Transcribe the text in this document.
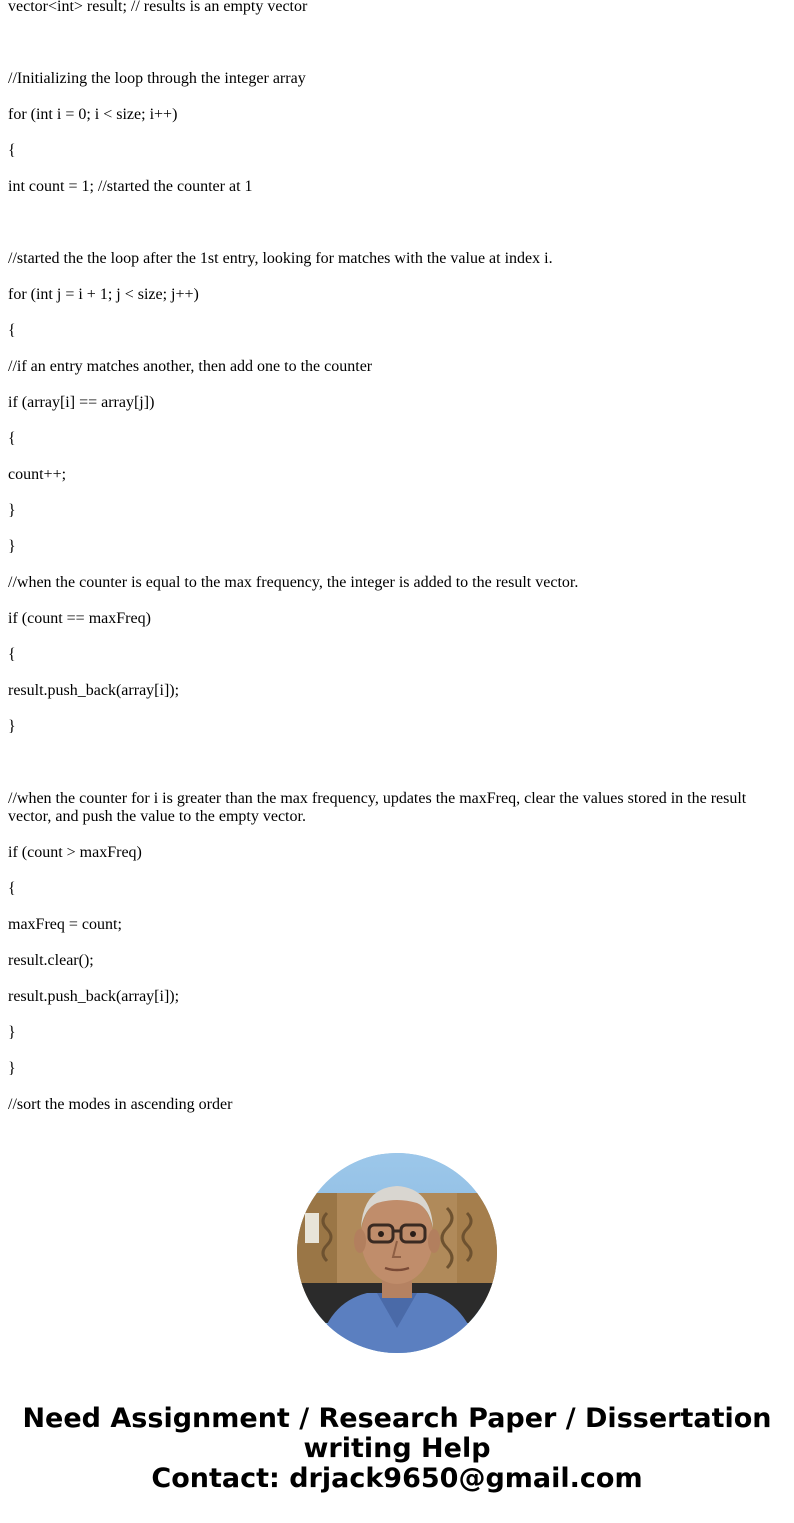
vector<int> result; // results is an empty vector

//Initializing the loop through the integer array

for (int i = 0; i < size; i++)

{

int count = 1; //started the counter at 1

//started the the loop after the 1st entry, looking for matches with the value at index i.

for (int j = i + 1; j < size; j++)

{

//if an entry matches another, then add one to the counter

if (array[i] == array[j])

{

count++;

}

}

//when the counter is equal to the max frequency, the integer is added to the result vector.

if (count == maxFreq)

{

result.push_back(array[i]);

}

//when the counter for i is greater than the max frequency, updates the maxFreq, clear the values stored in the result vector, and push the value to the empty vector.

if (count > maxFreq)

{

maxFreq = count;

result.clear();

result.push_back(array[i]);

}

}

//sort the modes in ascending order

Need Assignment / Research Paper / Dissertation
writing Help
Contact: drjack9650@gmail.com
